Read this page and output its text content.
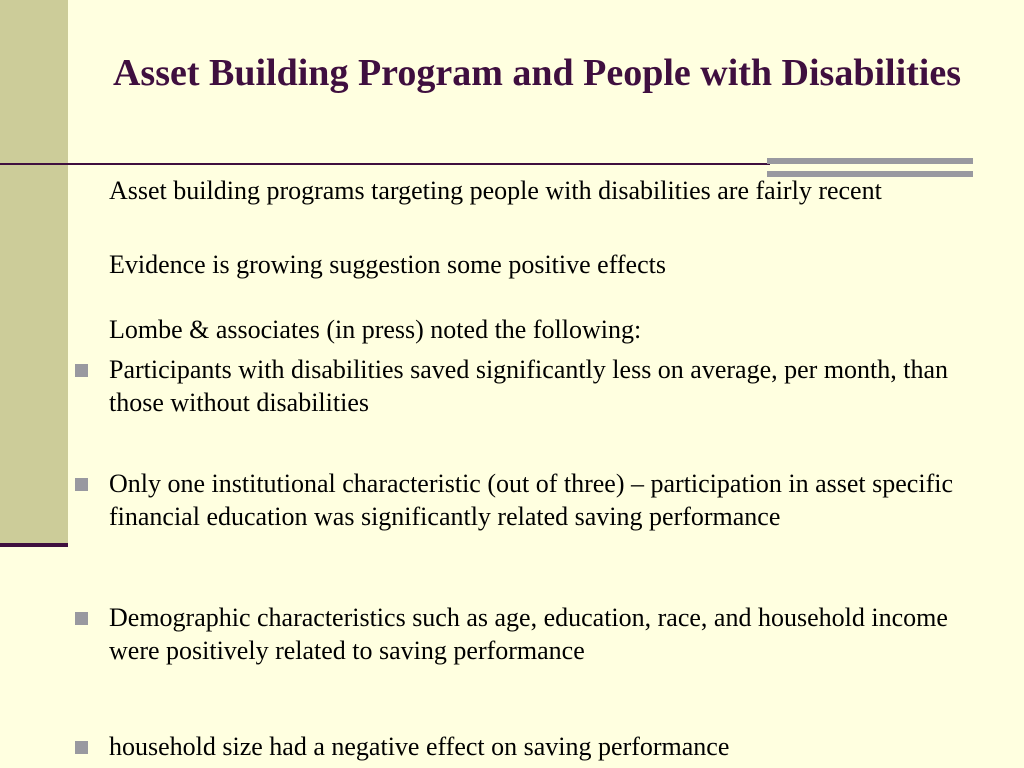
Asset Building Program and People with Disabilities
Asset building programs targeting people with disabilities are fairly recent
Evidence is growing suggestion some positive effects
Lombe & associates (in press) noted the following:
Participants with disabilities saved significantly less on average, per month, than those without disabilities
Only one institutional characteristic (out of three) – participation in asset specific financial education was significantly related saving performance
Demographic characteristics such as age, education, race, and household income were positively related to saving performance
household size had a negative effect on saving performance
